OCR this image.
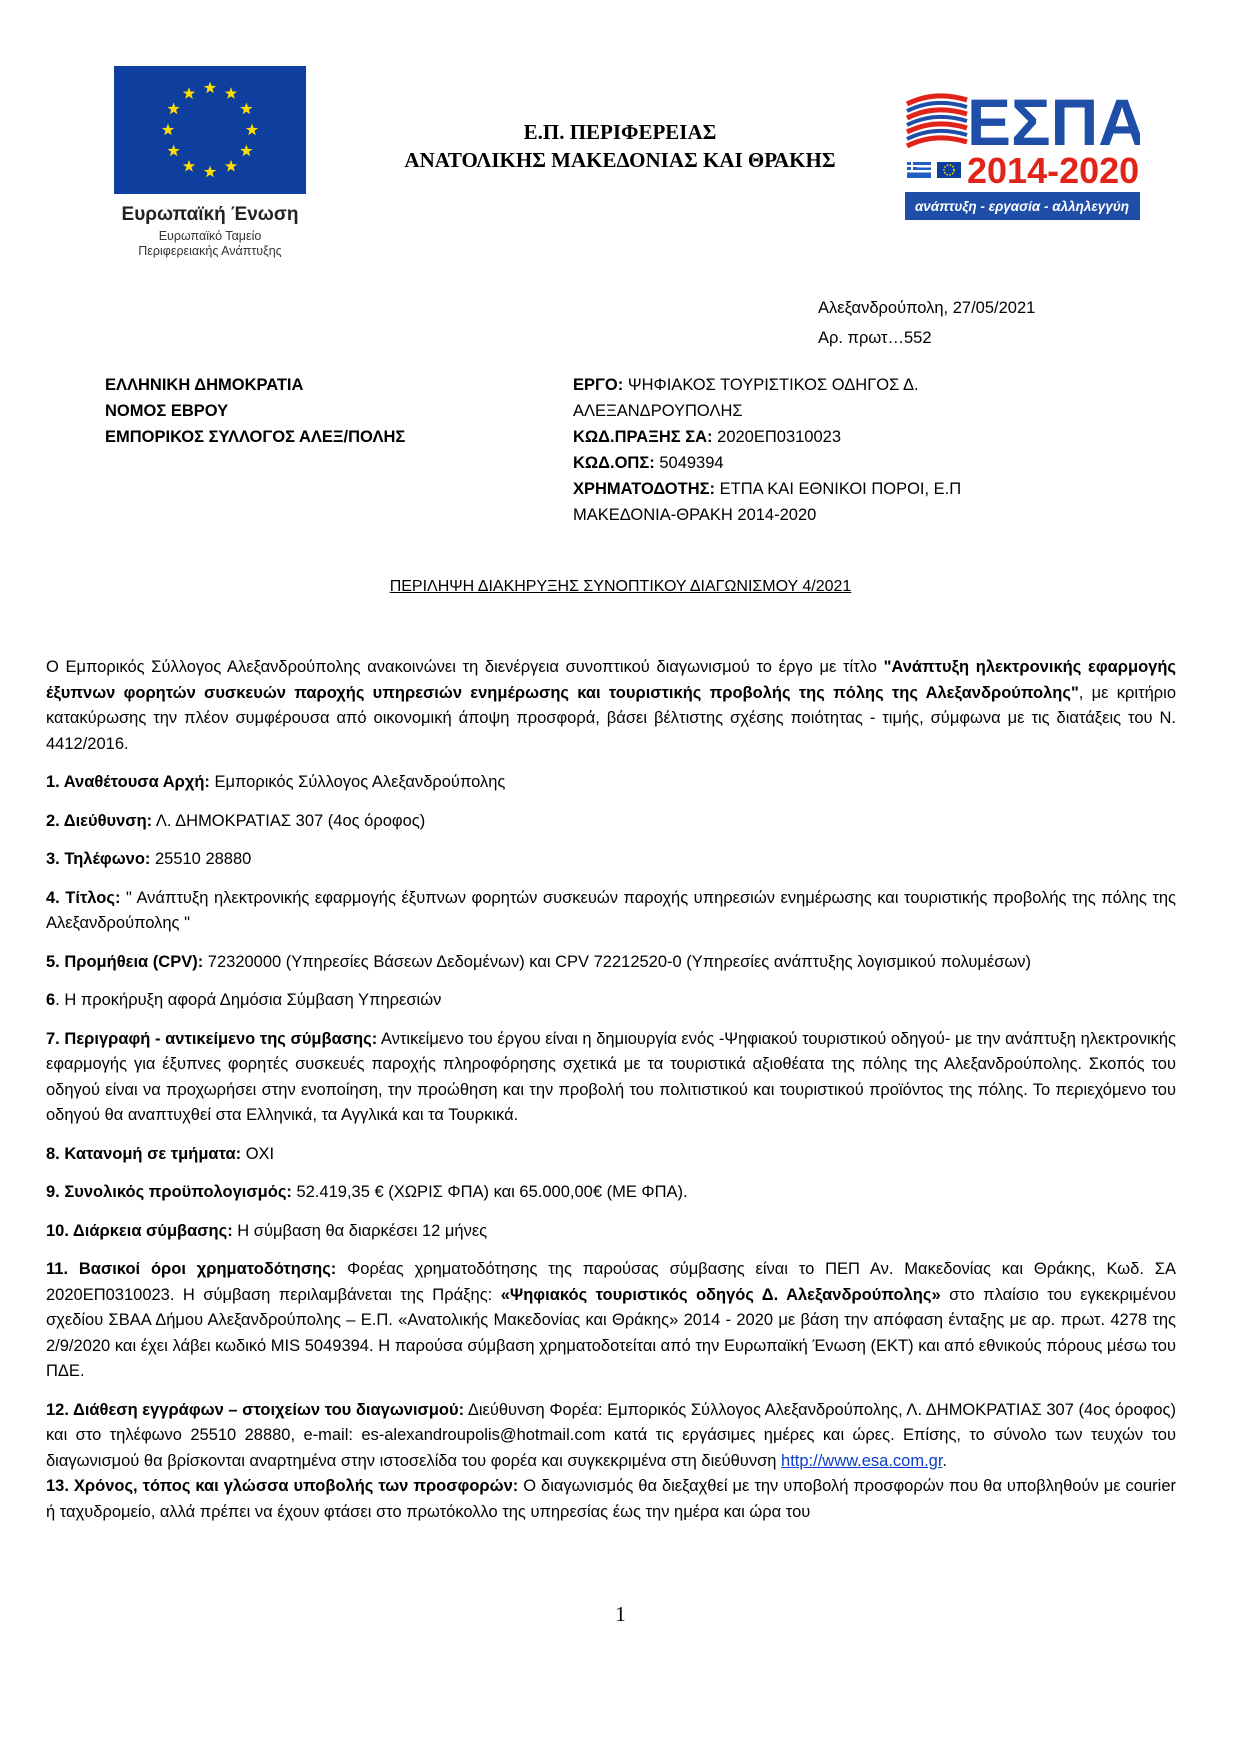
Ευρωπαϊκή Ένωση
Ευρωπαϊκό Ταμείο
Περιφερειακής Ανάπτυξης
Ε.Π. ΠΕΡΙΦΕΡΕΙΑΣ
ΑΝΑΤΟΛΙΚΗΣ ΜΑΚΕΔΟΝΙΑΣ ΚΑΙ ΘΡΑΚΗΣ
ΕΣΠΑ
2014-2020
ανάπτυξη - εργασία - αλληλεγγύη
Αλεξανδρούπολη, 27/05/2021
Αρ. πρωτ…552
ΕΛΛΗΝΙΚΗ ΔΗΜΟΚΡΑΤΙΑ
ΝΟΜΟΣ ΕΒΡΟΥ
ΕΜΠΟΡΙΚΟΣ ΣΥΛΛΟΓΟΣ ΑΛΕΞ/ΠΟΛΗΣ
ΕΡΓΟ: ΨΗΦΙΑΚΟΣ ΤΟΥΡΙΣΤΙΚΟΣ ΟΔΗΓΟΣ Δ.
ΑΛΕΞΑΝΔΡΟΥΠΟΛΗΣ
ΚΩΔ.ΠΡΑΞΗΣ ΣΑ: 2020ΕΠ0310023
ΚΩΔ.ΟΠΣ: 5049394
ΧΡΗΜΑΤΟΔΟΤΗΣ: ΕΤΠΑ ΚΑΙ ΕΘΝΙΚΟΙ ΠΟΡΟΙ, Ε.Π
ΜΑΚΕΔΟΝΙΑ-ΘΡΑΚΗ 2014-2020
ΠΕΡΙΛΗΨΗ ΔΙΑΚΗΡΥΞΗΣ ΣΥΝΟΠΤΙΚΟΥ ΔΙΑΓΩΝΙΣΜΟΥ 4/2021

Ο Εμπορικός Σύλλογος Αλεξανδρούπολης ανακοινώνει τη διενέργεια συνοπτικού διαγωνισμού το έργο με τίτλο "Ανάπτυξη ηλεκτρονικής εφαρμογής έξυπνων φορητών συσκευών παροχής υπηρεσιών ενημέρωσης και τουριστικής προβολής της πόλης της Αλεξανδρούπολης", με κριτήριο κατακύρωσης την πλέον συμφέρουσα από οικονομική άποψη προσφορά, βάσει βέλτιστης σχέσης ποιότητας - τιμής, σύμφωνα με τις διατάξεις του Ν. 4412/2016.

1. Αναθέτουσα Αρχή: Εμπορικός Σύλλογος Αλεξανδρούπολης

2. Διεύθυνση: Λ. ΔΗΜΟΚΡΑΤΙΑΣ 307 (4ος όροφος)

3. Τηλέφωνο: 25510 28880

4. Τίτλος: " Ανάπτυξη ηλεκτρονικής εφαρμογής έξυπνων φορητών συσκευών παροχής υπηρεσιών ενημέρωσης και τουριστικής προβολής της πόλης της Αλεξανδρούπολης "

5. Προμήθεια (CPV): 72320000 (Υπηρεσίες Βάσεων Δεδομένων) και CPV 72212520-0 (Υπηρεσίες ανάπτυξης λογισμικού πολυμέσων)

6. Η προκήρυξη αφορά Δημόσια Σύμβαση Υπηρεσιών

7. Περιγραφή - αντικείμενο της σύμβασης: Αντικείμενο του έργου είναι η δημιουργία ενός -Ψηφιακού τουριστικού οδηγού- με την ανάπτυξη ηλεκτρονικής εφαρμογής για έξυπνες φορητές συσκευές παροχής πληροφόρησης σχετικά με τα τουριστικά αξιοθέατα της πόλης της Αλεξανδρούπολης. Σκοπός του οδηγού είναι να προχωρήσει στην ενοποίηση, την προώθηση και την προβολή του πολιτιστικού και τουριστικού προϊόντος της πόλης. Το περιεχόμενο του οδηγού θα αναπτυχθεί στα Ελληνικά, τα Αγγλικά και τα Τουρκικά.

8. Κατανομή σε τμήματα: ΟΧΙ

9. Συνολικός προϋπολογισμός: 52.419,35 € (ΧΩΡΙΣ ΦΠΑ) και 65.000,00€ (ΜΕ ΦΠΑ).

10. Διάρκεια σύμβασης: Η σύμβαση θα διαρκέσει 12 μήνες

11. Βασικοί όροι χρηματοδότησης: Φορέας χρηματοδότησης της παρούσας σύμβασης είναι το ΠΕΠ Αν. Μακεδονίας και Θράκης, Κωδ. ΣΑ 2020ΕΠ0310023. Η σύμβαση περιλαμβάνεται της Πράξης: «Ψηφιακός τουριστικός οδηγός Δ. Αλεξανδρούπολης» στο πλαίσιο του εγκεκριμένου σχεδίου ΣΒΑΑ Δήμου Αλεξανδρούπολης – Ε.Π. «Ανατολικής Μακεδονίας και Θράκης» 2014 - 2020 με βάση την απόφαση ένταξης με αρ. πρωτ. 4278 της 2/9/2020 και έχει λάβει κωδικό MIS 5049394. Η παρούσα σύμβαση χρηματοδοτείται από την Ευρωπαϊκή Ένωση (ΕΚΤ) και από εθνικούς πόρους μέσω του ΠΔΕ.

12. Διάθεση εγγράφων – στοιχείων του διαγωνισμού: Διεύθυνση Φορέα: Εμπορικός Σύλλογος Αλεξανδρούπολης, Λ. ΔΗΜΟΚΡΑΤΙΑΣ 307 (4ος όροφος) και στο τηλέφωνο 25510 28880, e-mail: es-alexandroupolis@hotmail.com κατά τις εργάσιμες ημέρες και ώρες. Επίσης, το σύνολο των τευχών του διαγωνισμού θα βρίσκονται αναρτημένα στην ιστοσελίδα του φορέα και συγκεκριμένα στη διεύθυνση http://www.esa.com.gr.

13. Χρόνος, τόπος και γλώσσα υποβολής των προσφορών: Ο διαγωνισμός θα διεξαχθεί με την υποβολή προσφορών που θα υποβληθούν με courier ή ταχυδρομείο, αλλά πρέπει να έχουν φτάσει στο πρωτόκολλο της υπηρεσίας έως την ημέρα και ώρα του

1
